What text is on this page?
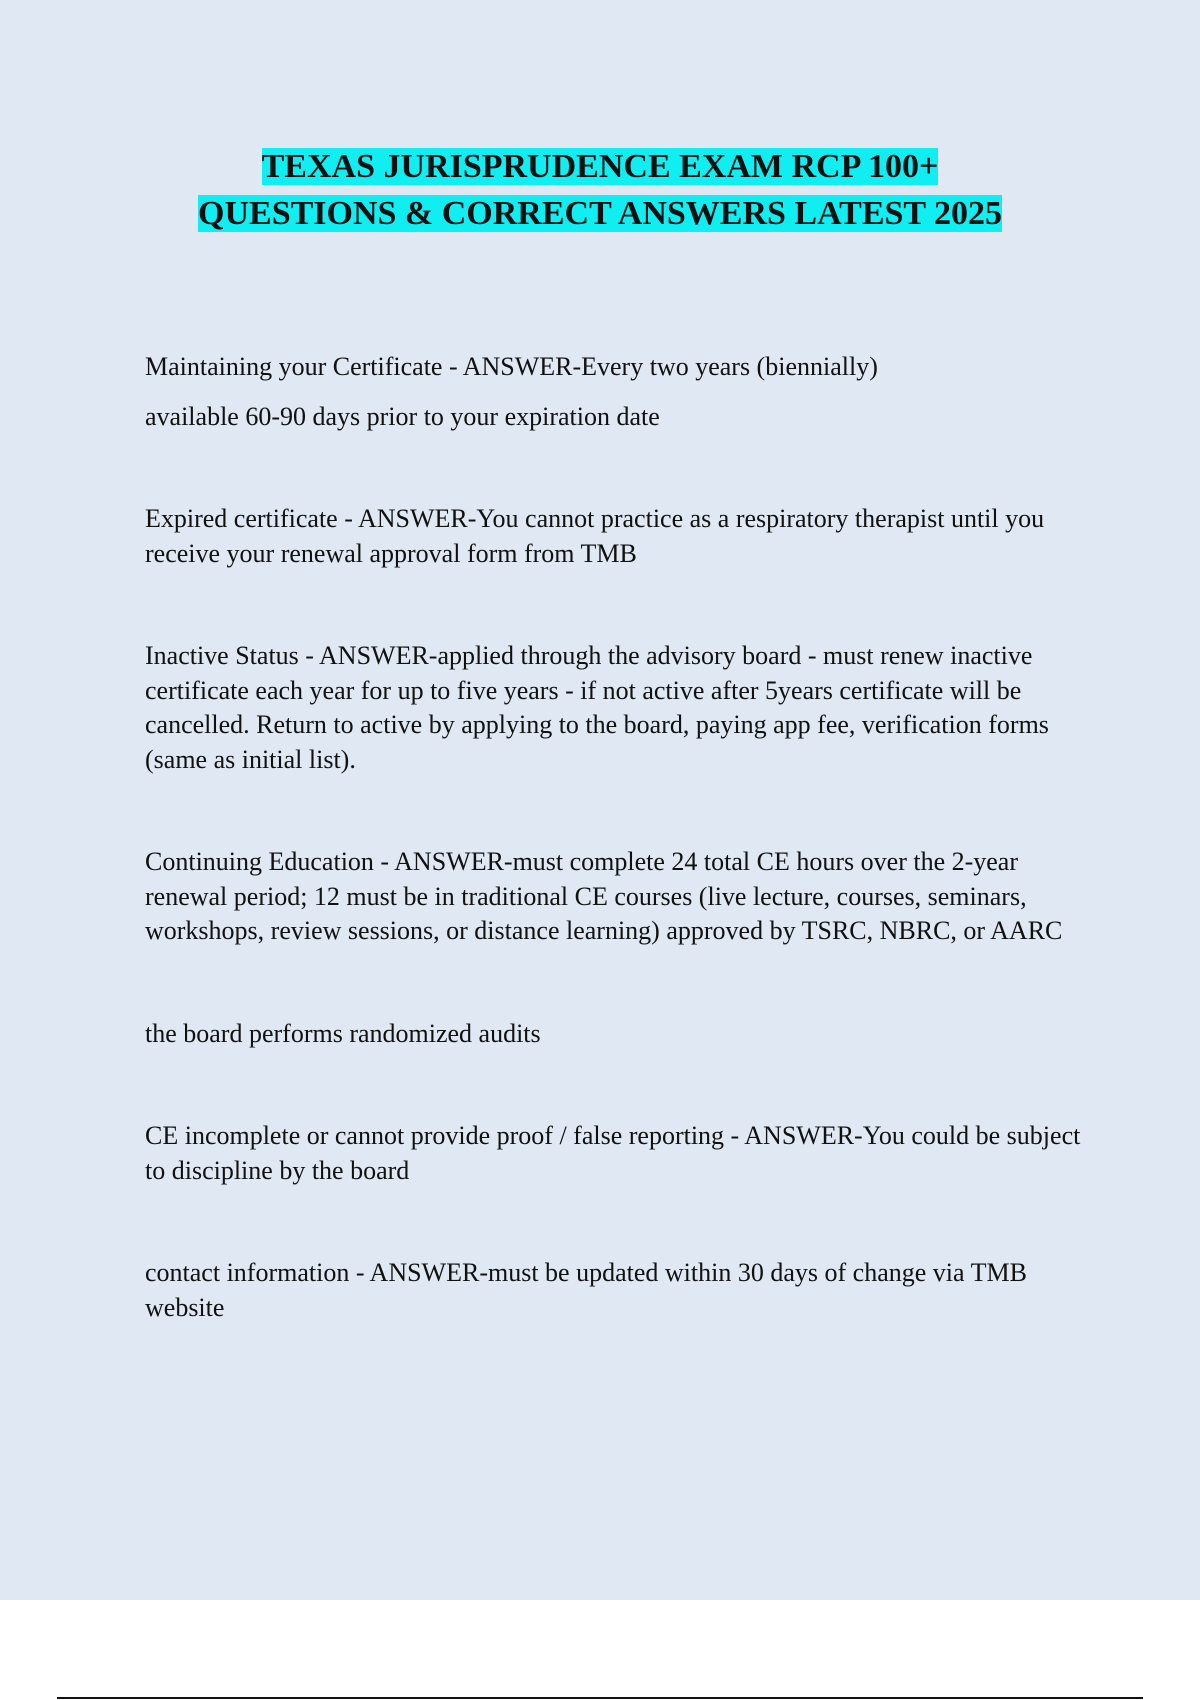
TEXAS JURISPRUDENCE EXAM RCP 100+
QUESTIONS & CORRECT ANSWERS LATEST 2025

Maintaining your Certificate - ANSWER-Every two years (biennially)

available 60-90 days prior to your expiration date

Expired certificate - ANSWER-You cannot practice as a respiratory therapist until you receive your renewal approval form from TMB

Inactive Status - ANSWER-applied through the advisory board - must renew inactive certificate each year for up to five years - if not active after 5years certificate will be cancelled. Return to active by applying to the board, paying app fee, verification forms (same as initial list).

Continuing Education - ANSWER-must complete 24 total CE hours over the 2-year renewal period; 12 must be in traditional CE courses (live lecture, courses, seminars, workshops, review sessions, or distance learning) approved by TSRC, NBRC, or AARC

the board performs randomized audits

CE incomplete or cannot provide proof / false reporting - ANSWER-You could be subject to discipline by the board

contact information - ANSWER-must be updated within 30 days of change via TMB website
